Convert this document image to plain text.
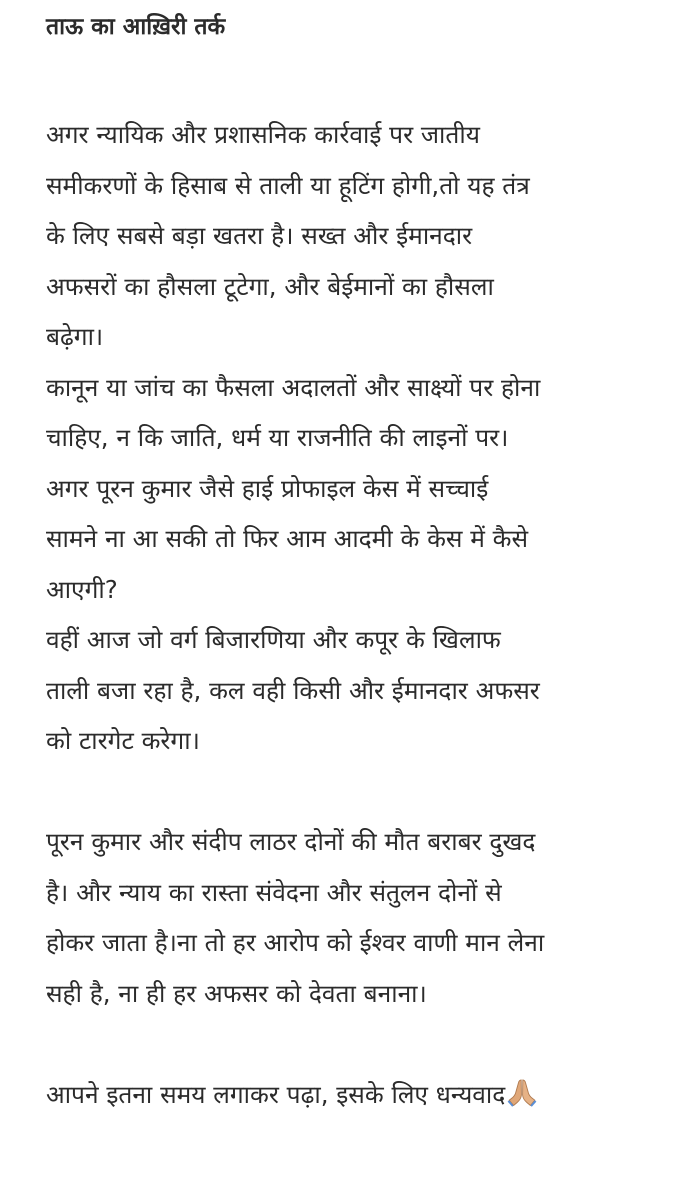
ताऊ का आख़िरी तर्क
अगर न्यायिक और प्रशासनिक कार्रवाई पर जातीय
समीकरणों के हिसाब से ताली या हूटिंग होगी,तो यह तंत्र
के लिए सबसे बड़ा खतरा है। सख्त और ईमानदार
अफसरों का हौसला टूटेगा, और बेईमानों का हौसला
बढ़ेगा।
कानून या जांच का फैसला अदालतों और साक्ष्यों पर होना
चाहिए, न कि जाति, धर्म या राजनीति की लाइनों पर।
अगर पूरन कुमार जैसे हाई प्रोफाइल केस में सच्चाई
सामने ना आ सकी तो फिर आम आदमी के केस में कैसे
आएगी?
वहीं आज जो वर्ग बिजारणिया और कपूर के खिलाफ
ताली बजा रहा है, कल वही किसी और ईमानदार अफसर
को टारगेट करेगा।
पूरन कुमार और संदीप लाठर दोनों की मौत बराबर दुखद
है। और न्याय का रास्ता संवेदना और संतुलन दोनों से
होकर जाता है।ना तो हर आरोप को ईश्वर वाणी मान लेना
सही है, ना ही हर अफसर को देवता बनाना।
आपने इतना समय लगाकर पढ़ा, इसके लिए धन्यवाद
